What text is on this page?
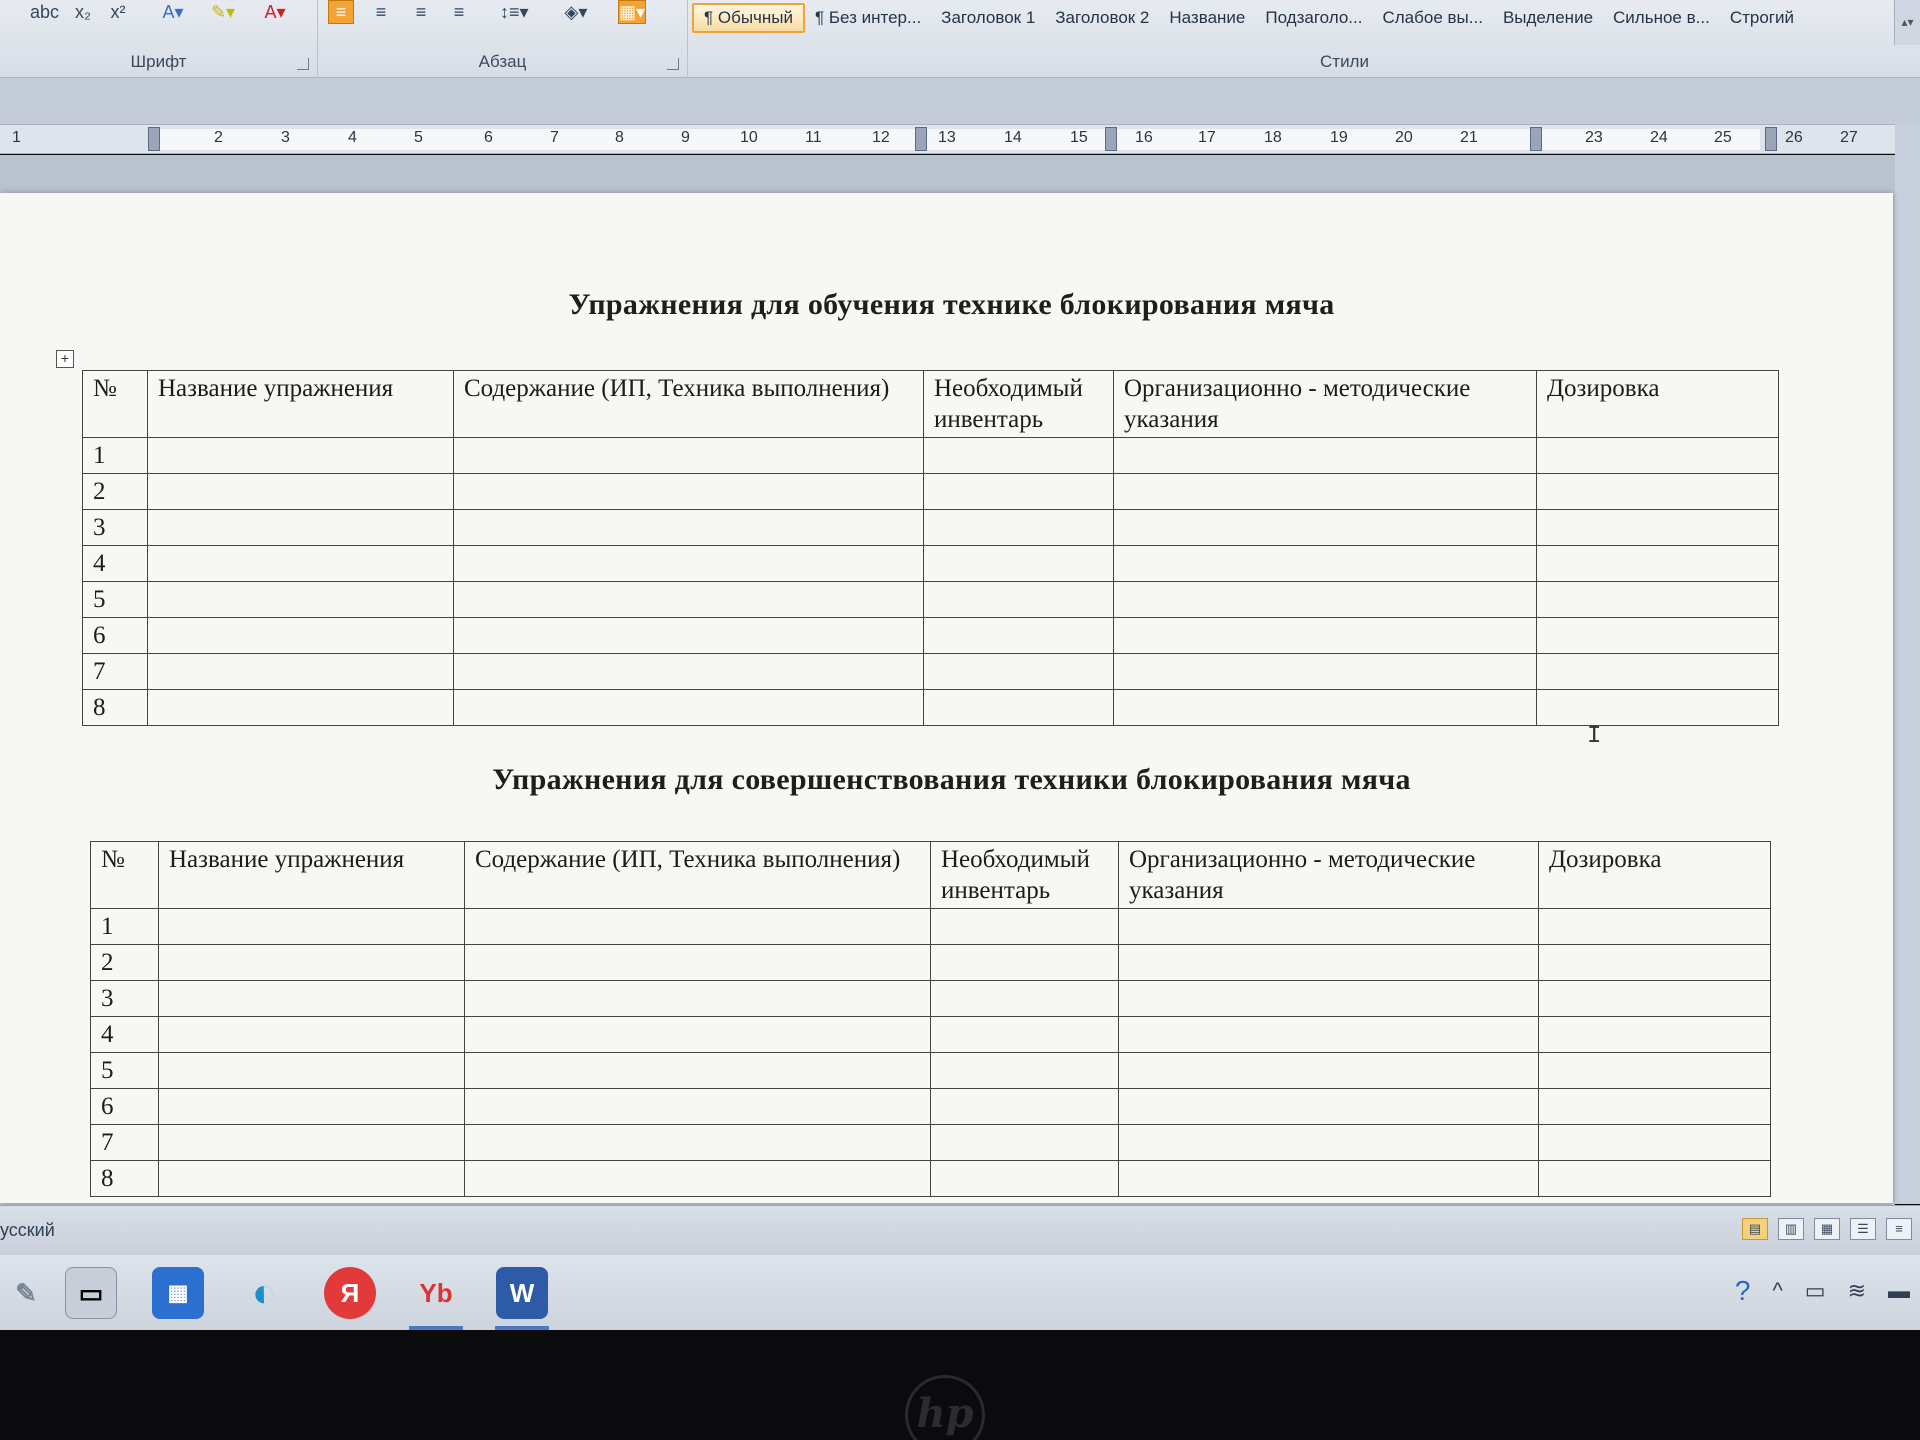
abc x₂	x²	A▾ ✎▾ A▾
Шрифт
≡	≡	≡	≡	↕≡▾ ◈▾ ▦▾
Абзац
¶ Обычный	¶ Без интер...	Заголовок 1	Заголовок 2	Название	Подзаголо...	Слабое вы...	Выделение	Сильное в...	Строгий
Стили
▴▾
1	2	3	4	5	6	7	8	9	10	11	12	13	14	15	16	17	18	19	20	21	23	24	25	26 27
Упражнения для обучения технике блокирования мяча
+
№	Название упражнения	Содержание (ИП, Техника выполнения)	Необходимый инвентарь	Организационно - методические указания	Дозировка
1					
2					
3					
4					
5					
6					
7					
8					
I
Упражнения для совершенствования техники блокирования мяча
№	Название упражнения	Содержание (ИП, Техника выполнения)	Необходимый инвентарь	Организационно - методические указания	Дозировка
1					
2					
3					
4					
5					
6					
7					
8					
усский	▤	▥	▦	☰	≡
✎	▭	▦	◐	Я	Yb	W	? ^ ▭ ≋ ▬
hp
